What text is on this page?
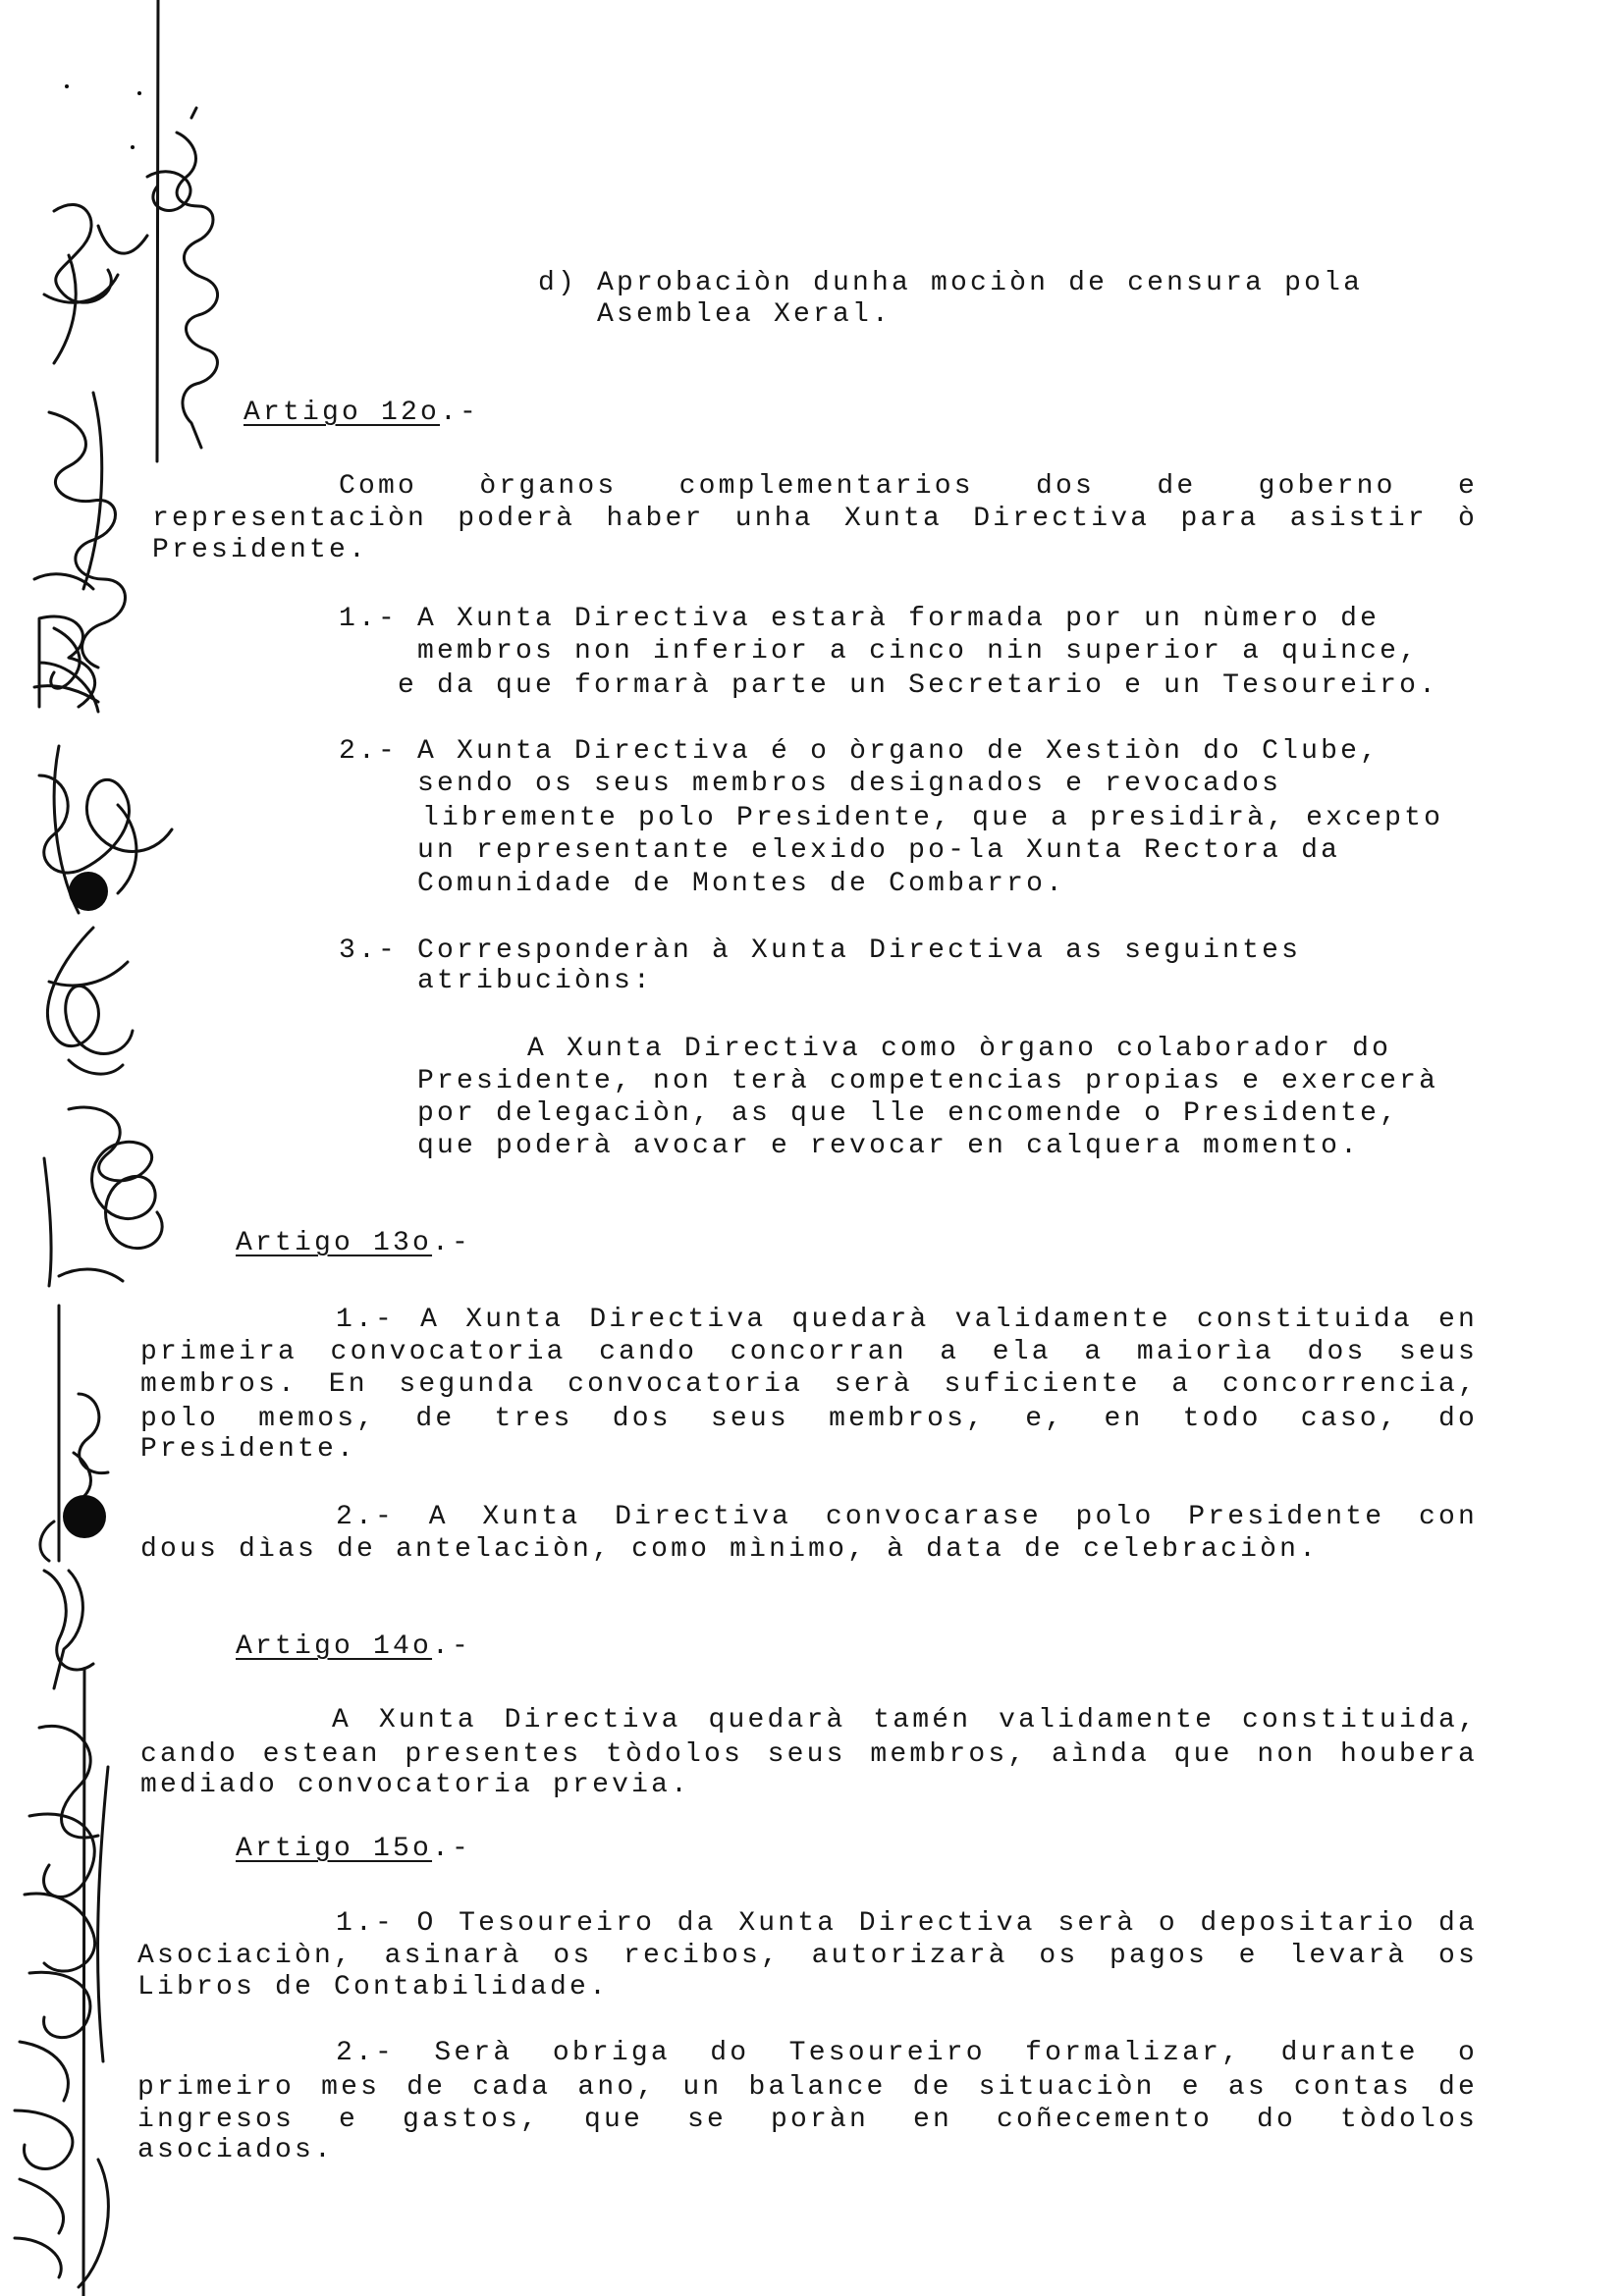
d) Aprobaciòn dunha mociòn de censura pola
Asemblea Xeral.
Artigo 12o.-
Como òrganos complementarios dos de goberno e
representaciòn poderà haber unha Xunta Directiva para asistir ò
Presidente.
1.- A Xunta Directiva estarà formada por un nùmero de
membros non inferior a cinco nin superior a quince,
e da que formarà parte un Secretario e un Tesoureiro.
2.- A Xunta Directiva é o òrgano de Xestiòn do Clube,
sendo os seus membros designados e revocados
libremente polo Presidente, que a presidirà, excepto
un representante elexido po-la Xunta Rectora da
Comunidade de Montes de Combarro.
3.- Corresponderàn à Xunta Directiva as seguintes
atribuciòns:
A Xunta Directiva como òrgano colaborador do
Presidente, non terà competencias propias e exercerà
por delegaciòn, as que lle encomende o Presidente,
que poderà avocar e revocar en calquera momento.
Artigo 13o.-
1.- A Xunta Directiva quedarà validamente constituida en
primeira convocatoria cando concorran a ela a maiorìa dos seus
membros. En segunda convocatoria serà suficiente a concorrencia,
polo memos, de tres dos seus membros, e, en todo caso, do
Presidente.
2.- A Xunta Directiva convocarase polo Presidente con
dous dìas de antelaciòn, como mìnimo, à data de celebraciòn.
Artigo 14o.-
A Xunta Directiva quedarà tamén validamente constituida,
cando estean presentes tòdolos seus membros, aìnda que non houbera
mediado convocatoria previa.
Artigo 15o.-
1.- O Tesoureiro da Xunta Directiva serà o depositario da
Asociaciòn, asinarà os recibos, autorizarà os pagos e levarà os
Libros de Contabilidade.
2.- Serà obriga do Tesoureiro formalizar, durante o
primeiro mes de cada ano, un balance de situaciòn e as contas de
ingresos e gastos, que se poràn en coñecemento do tòdolos
asociados.
